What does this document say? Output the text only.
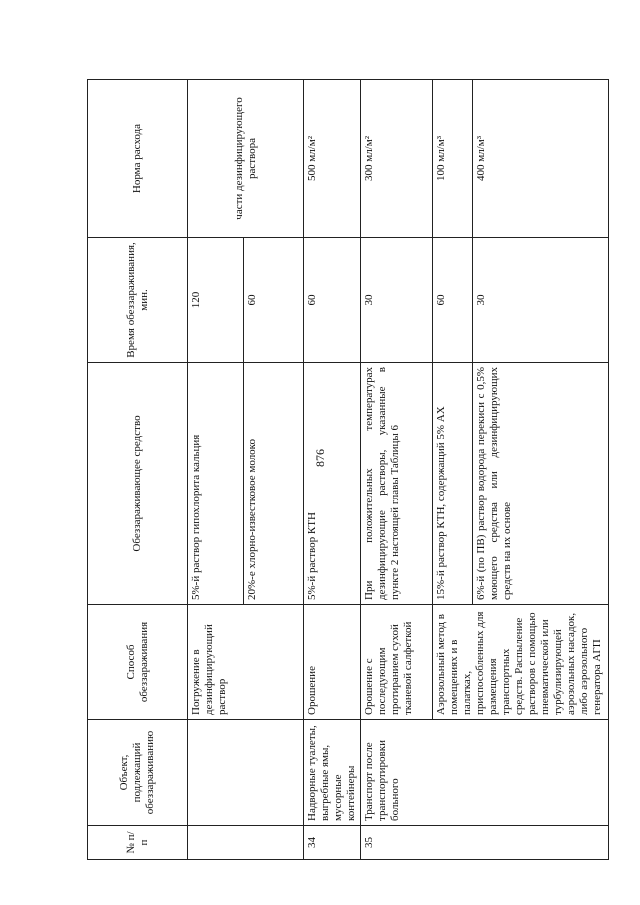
876
№ п/п	Объект, подлежащий обеззараживанию	Способ обеззараживания	Обеззараживающее средство	Время обеззараживания, мин.	Норма расхода
		Погружение в дезинфицирующий раствор	5%-й раствор гипохлорита кальция	120	части дезинфицирующего раствора
			20%-е хлорно-известковое молоко	60	
34	Надворные туалеты, выгребные ямы, мусорные контейнеры	Орошение	5%-й раствор КТН	60	500 мл/м²
35	Транспорт после транспортировки больного	Орошение с последующим протиранием сухой тканевой салфеткой	При положительных температурах дезинфицирующие растворы, указанные в пункте 2 настоящей главы Таблицы 6	30	300 мл/м²
		Аэрозольный метод в помещениях и в палатках, приспособленных для размещения транспортных средств. Распыление растворов с помощью пневматической или турбулизирующей аэрозольных насадок, либо аэрозольного генератора АГП	15%-й раствор КТН, содержащий 5% АХ	60	100 мл/м³
			6%-й (по ПВ) раствор водорода перекиси с 0,5% моющего средства или дезинфицирующих средств на их основе	30	400 мл/м³
